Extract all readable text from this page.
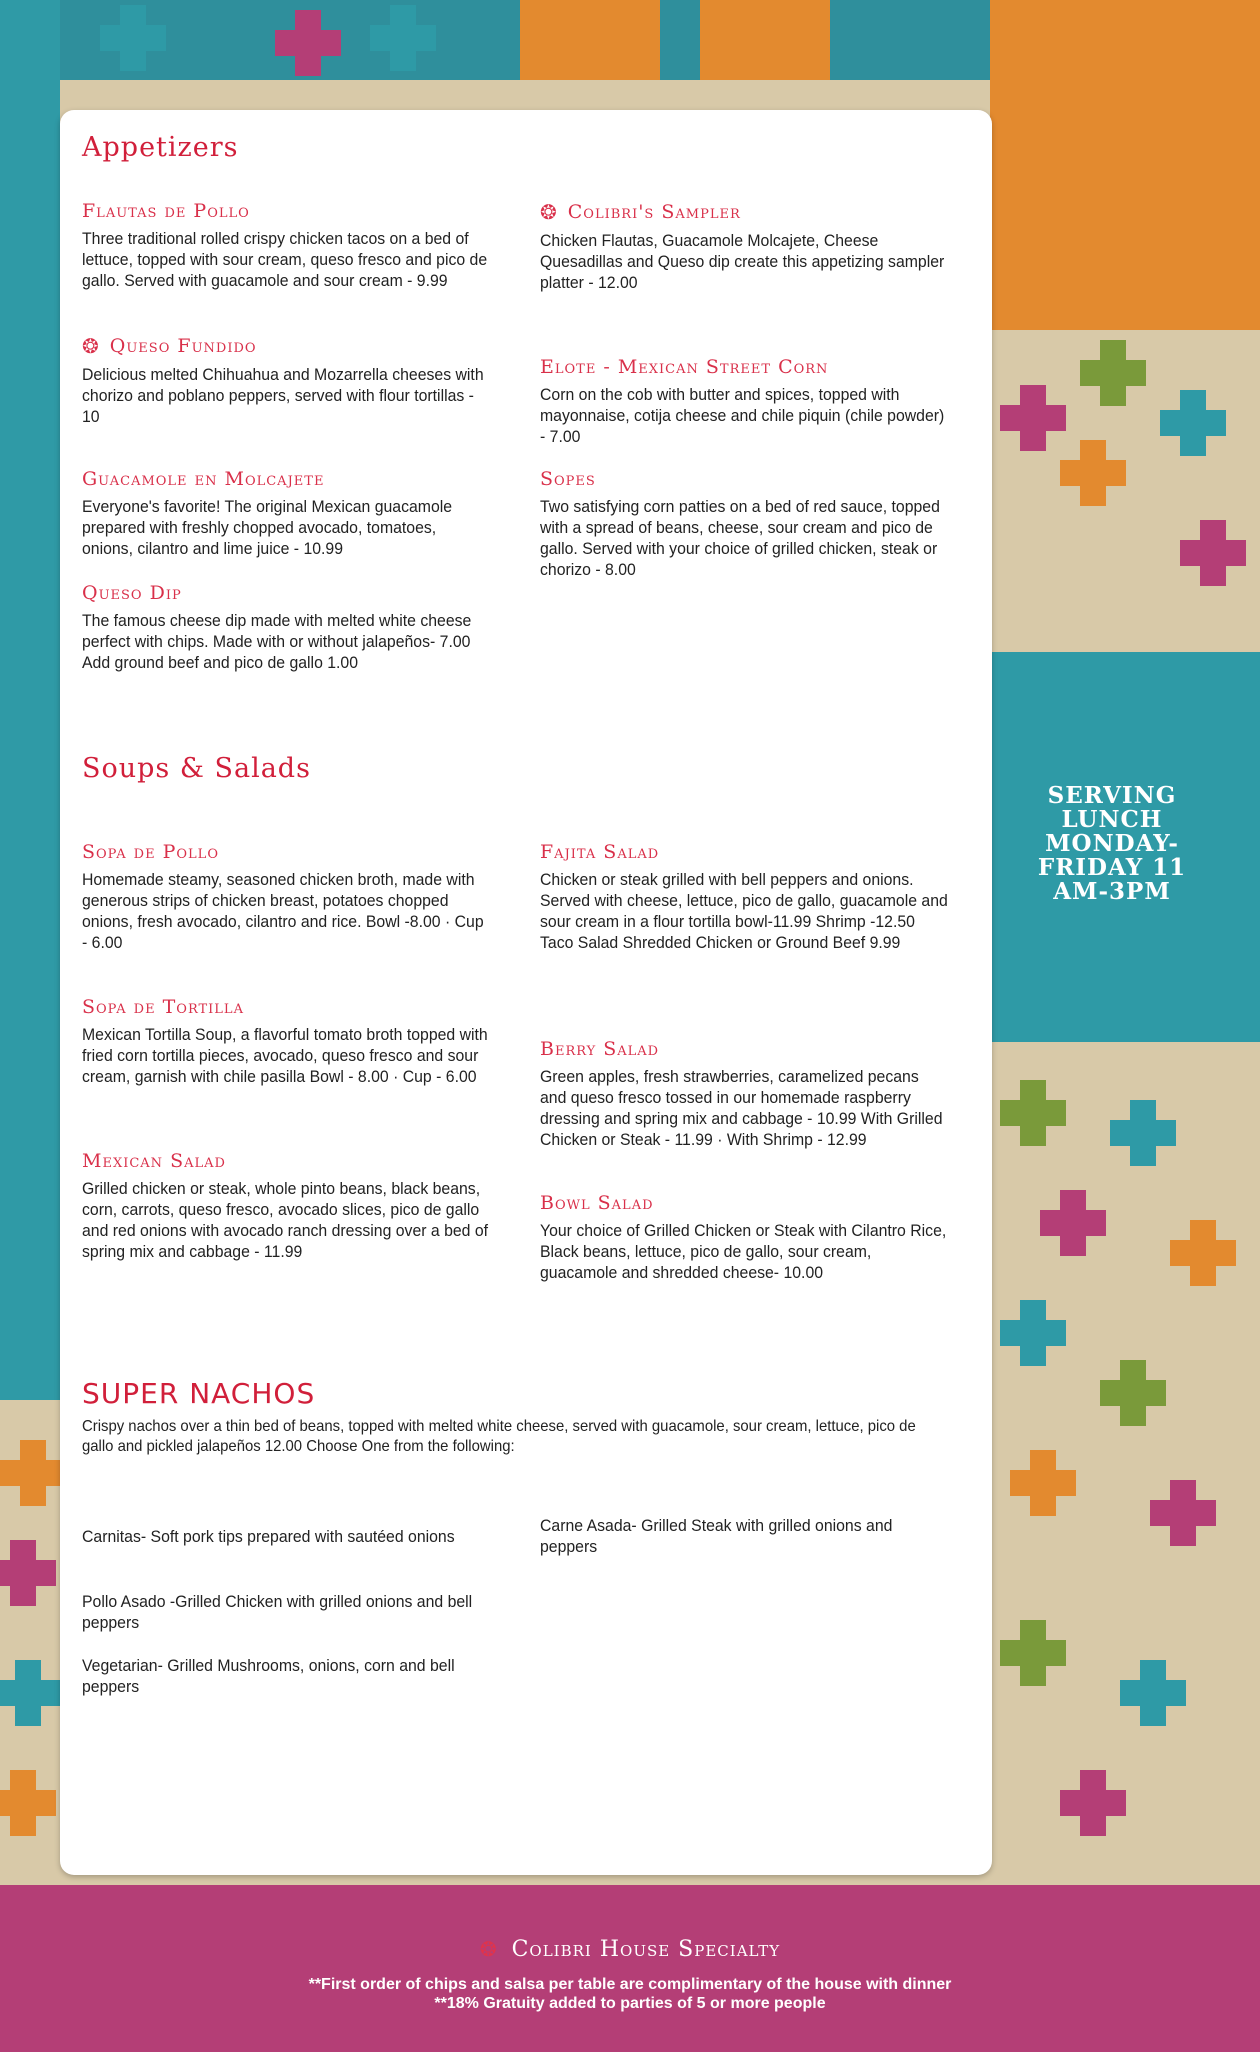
Appetizers

Flautas de Pollo

Three traditional rolled crispy chicken tacos on a bed of lettuce, topped with sour cream, queso fresco and pico de gallo. Served with guacamole and sour cream - 9.99

❂ Queso Fundido

Delicious melted Chihuahua and Mozarrella cheeses with chorizo and poblano peppers, served with flour tortillas - 10

Guacamole en Molcajete

Everyone's favorite! The original Mexican guacamole prepared with freshly chopped avocado, tomatoes, onions, cilantro and lime juice - 10.99

Queso Dip

The famous cheese dip made with melted white cheese perfect with chips. Made with or without jalapeños- 7.00 Add ground beef and pico de gallo 1.00

❂ Colibri's Sampler

Chicken Flautas, Guacamole Molcajete, Cheese Quesadillas and Queso dip create this appetizing sampler platter - 12.00

Elote - Mexican Street Corn

Corn on the cob with butter and spices, topped with mayonnaise, cotija cheese and chile piquin (chile powder) - 7.00

Sopes

Two satisfying corn patties on a bed of red sauce, topped with a spread of beans, cheese, sour cream and pico de gallo. Served with your choice of grilled chicken, steak or chorizo - 8.00

Soups & Salads

Sopa de Pollo

Homemade steamy, seasoned chicken broth, made with generous strips of chicken breast, potatoes chopped onions, fresh avocado, cilantro and rice. Bowl -8.00 · Cup - 6.00

Sopa de Tortilla

Mexican Tortilla Soup, a flavorful tomato broth topped with fried corn tortilla pieces, avocado, queso fresco and sour cream, garnish with chile pasilla Bowl - 8.00 · Cup - 6.00

Mexican Salad

Grilled chicken or steak, whole pinto beans, black beans, corn, carrots, queso fresco, avocado slices, pico de gallo and red onions with avocado ranch dressing over a bed of spring mix and cabbage - 11.99

Fajita Salad

Chicken or steak grilled with bell peppers and onions. Served with cheese, lettuce, pico de gallo, guacamole and sour cream in a flour tortilla bowl-11.99 Shrimp -12.50

Taco Salad Shredded Chicken or Ground Beef 9.99

Berry Salad

Green apples, fresh strawberries, caramelized pecans and queso fresco tossed in our homemade raspberry dressing and spring mix and cabbage - 10.99 With Grilled Chicken or Steak - 11.99 · With Shrimp - 12.99

Bowl Salad

Your choice of Grilled Chicken or Steak with Cilantro Rice, Black beans, lettuce, pico de gallo, sour cream, guacamole and shredded cheese- 10.00

SUPER NACHOS

Crispy nachos over a thin bed of beans, topped with melted white cheese, served with guacamole, sour cream, lettuce, pico de gallo and pickled jalapeños 12.00 Choose One from the following:

Carnitas- Soft pork tips prepared with sautéed onions

Pollo Asado -Grilled Chicken with grilled onions and bell peppers

Vegetarian- Grilled Mushrooms, onions, corn and bell peppers

Carne Asada- Grilled Steak with grilled onions and peppers

SERVING LUNCH MONDAY- FRIDAY 11 AM-3PM
❂ Colibri House Specialty
**First order of chips and salsa per table are complimentary of the house with dinner
**18% Gratuity added to parties of 5 or more people
